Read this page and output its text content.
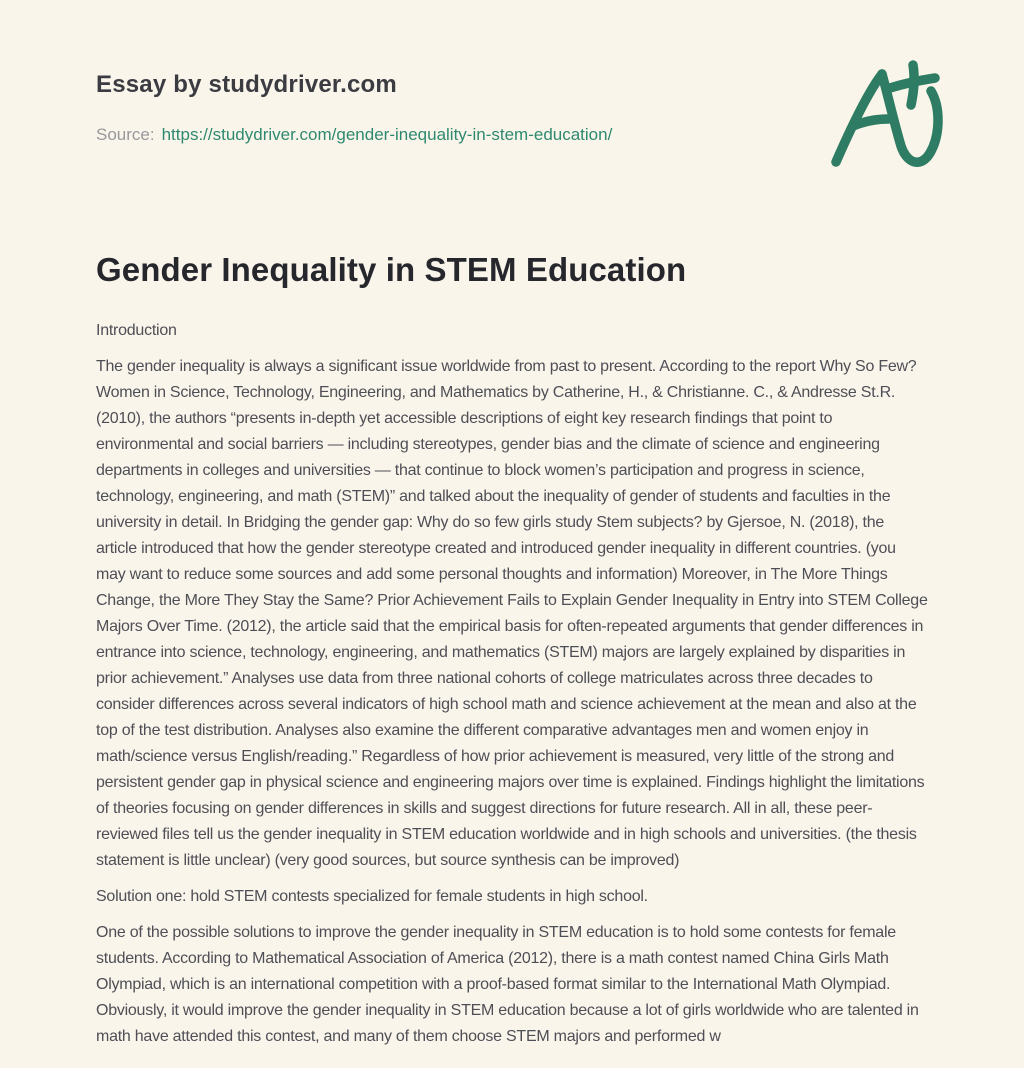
Essay by studydriver.com
Source: https://studydriver.com/gender-inequality-in-stem-education/
Gender Inequality in STEM Education

Introduction

The gender inequality is always a significant issue worldwide from past to present. According to the report Why So Few? Women in Science, Technology, Engineering, and Mathematics by Catherine, H., & Christianne. C., & Andresse St.R.(2010), the authors “presents in-depth yet accessible descriptions of eight key research findings that point to environmental and social barriers — including stereotypes, gender bias and the climate of science and engineering departments in colleges and universities — that continue to block women’s participation and progress in science, technology, engineering, and math (STEM)” and talked about the inequality of gender of students and faculties in the university in detail. In Bridging the gender gap: Why do so few girls study Stem subjects? by Gjersoe, N. (2018), the article introduced that how the gender stereotype created and introduced gender inequality in different countries. (you may want to reduce some sources and add some personal thoughts and information) Moreover, in The More Things Change, the More They Stay the Same? Prior Achievement Fails to Explain Gender Inequality in Entry into STEM College Majors Over Time. (2012), the article said that the empirical basis for often-repeated arguments that gender differences in entrance into science, technology, engineering, and mathematics (STEM) majors are largely explained by disparities in prior achievement.” Analyses use data from three national cohorts of college matriculates across three decades to consider differences across several indicators of high school math and science achievement at the mean and also at the top of the test distribution. Analyses also examine the different comparative advantages men and women enjoy in math/science versus English/reading.” Regardless of how prior achievement is measured, very little of the strong and persistent gender gap in physical science and engineering majors over time is explained. Findings highlight the limitations of theories focusing on gender differences in skills and suggest directions for future research. All in all, these peer-reviewed files tell us the gender inequality in STEM education worldwide and in high schools and universities. (the thesis statement is little unclear) (very good sources, but source synthesis can be improved)

Solution one: hold STEM contests specialized for female students in high school.

One of the possible solutions to improve the gender inequality in STEM education is to hold some contests for female students. According to Mathematical Association of America (2012), there is a math contest named China Girls Math Olympiad, which is an international competition with a proof-based format similar to the International Math Olympiad. Obviously, it would improve the gender inequality in STEM education because a lot of girls worldwide who are talented in math have attended this contest, and many of them choose STEM majors and performed w
